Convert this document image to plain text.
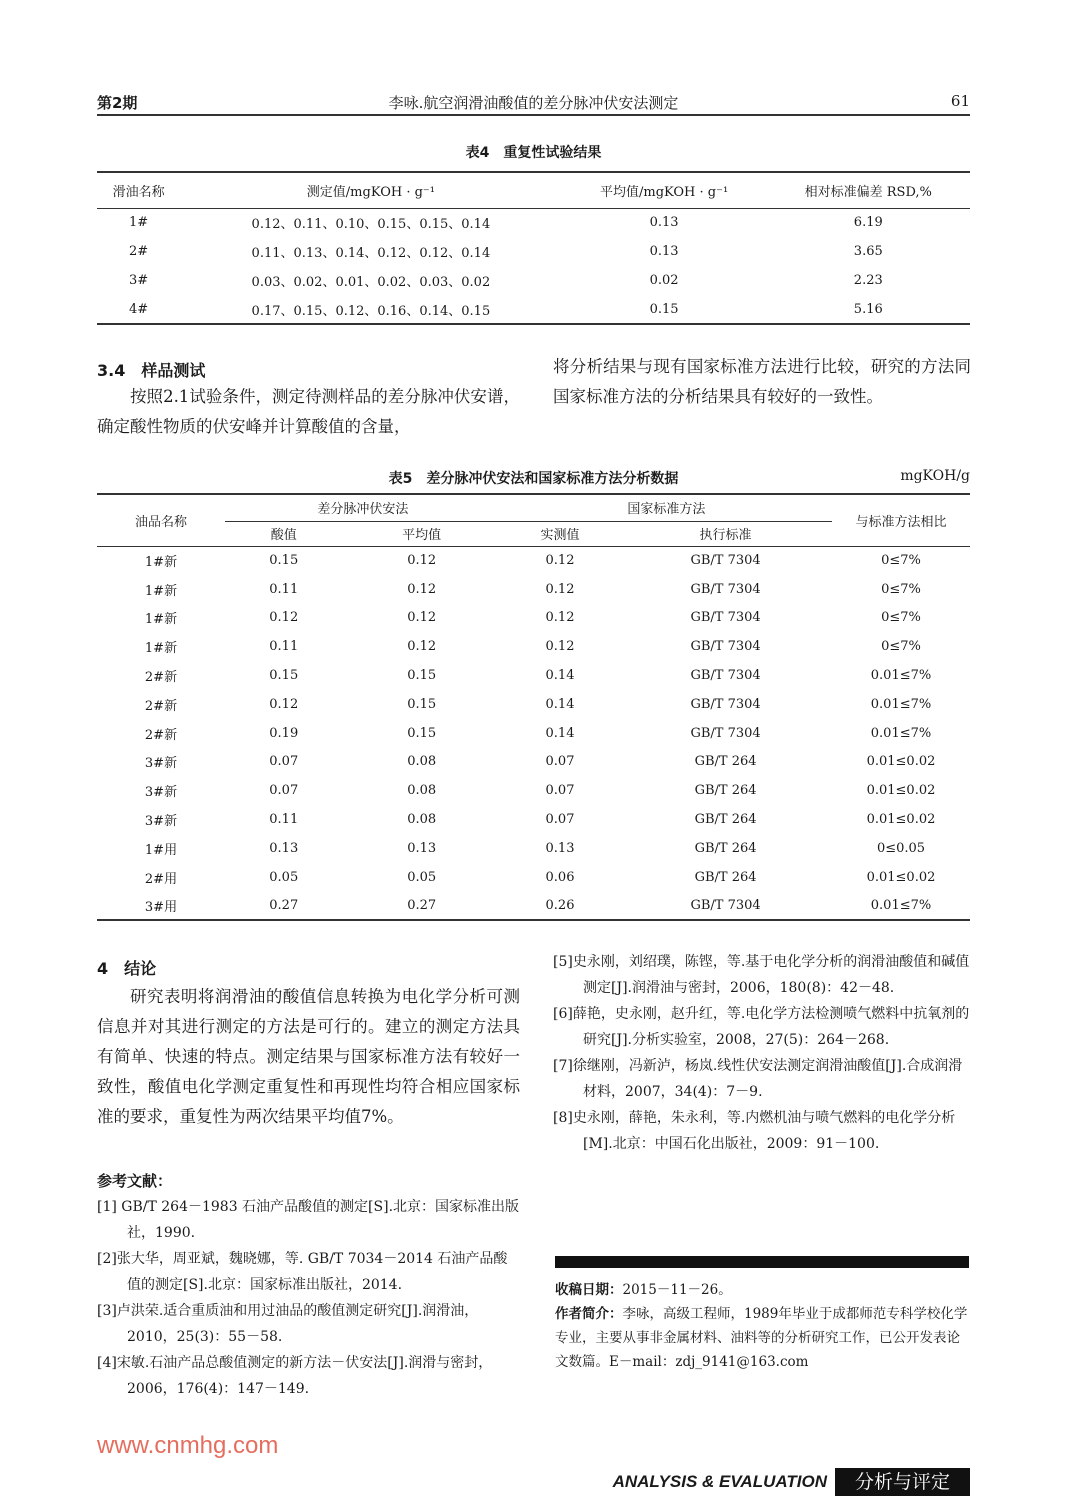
第2期	李咏.航空润滑油酸值的差分脉冲伏安法测定	61
表4　重复性试验结果
滑油名称	测定值/mgKOH · g⁻¹	平均值/mgKOH · g⁻¹	相对标准偏差 RSD,%
1#	0.12、0.11、0.10、0.15、0.15、0.14	0.13	6.19
2#	0.11、0.13、0.14、0.12、0.12、0.14	0.13	3.65
3#	0.03、0.02、0.01、0.02、0.03、0.02	0.02	2.23
4#	0.17、0.15、0.12、0.16、0.14、0.15	0.15	5.16
3.4　样品测试
按照2.1试验条件，测定待测样品的差分脉冲伏安谱，确定酸性物质的伏安峰并计算酸值的含量，
将分析结果与现有国家标准方法进行比较，研究的方法同国家标准方法的分析结果具有较好的一致性。
表5　差分脉冲伏安法和国家标准方法分析数据	mgKOH/g
油品名称	差分脉冲伏安法		国家标准方法		与标准方法相比
	酸值	平均值	实测值	执行标准	
1#新	0.15	0.12	0.12	GB/T 7304	0≤7%
1#新	0.11	0.12	0.12	GB/T 7304	0≤7%
1#新	0.12	0.12	0.12	GB/T 7304	0≤7%
1#新	0.11	0.12	0.12	GB/T 7304	0≤7%
2#新	0.15	0.15	0.14	GB/T 7304	0.01≤7%
2#新	0.12	0.15	0.14	GB/T 7304	0.01≤7%
2#新	0.19	0.15	0.14	GB/T 7304	0.01≤7%
3#新	0.07	0.08	0.07	GB/T 264	0.01≤0.02
3#新	0.07	0.08	0.07	GB/T 264	0.01≤0.02
3#新	0.11	0.08	0.07	GB/T 264	0.01≤0.02
1#用	0.13	0.13	0.13	GB/T 264	0≤0.05
2#用	0.05	0.05	0.06	GB/T 264	0.01≤0.02
3#用	0.27	0.27	0.26	GB/T 7304	0.01≤7%
4　结论
研究表明将润滑油的酸值信息转换为电化学分析可测信息并对其进行测定的方法是可行的。建立的测定方法具有简单、快速的特点。测定结果与国家标准方法有较好一致性，酸值电化学测定重复性和再现性均符合相应国家标准的要求，重复性为两次结果平均值7%。
参考文献：
[1] GB/T 264－1983 石油产品酸值的测定[S].北京：国家标准出版社，1990.
[2]张大华，周亚斌，魏晓娜，等. GB/T 7034－2014 石油产品酸值的测定[S].北京：国家标准出版社，2014.
[3]卢洪荣.适合重质油和用过油品的酸值测定研究[J].润滑油，2010，25(3)：55－58.
[4]宋敏.石油产品总酸值测定的新方法－伏安法[J].润滑与密封，2006，176(4)：147－149.
[5]史永刚，刘绍璞，陈铿，等.基于电化学分析的润滑油酸值和碱值测定[J].润滑油与密封，2006，180(8)：42－48.
[6]薛艳，史永刚，赵升红，等.电化学方法检测喷气燃料中抗氧剂的研究[J].分析实验室，2008，27(5)：264－268.
[7]徐继刚，冯新泸，杨岚.线性伏安法测定润滑油酸值[J].合成润滑材料，2007，34(4)：7－9.
[8]史永刚，薛艳，朱永利，等.内燃机油与喷气燃料的电化学分析[M].北京：中国石化出版社，2009：91－100.
收稿日期：2015－11－26。
作者简介：李咏，高级工程师，1989年毕业于成都师范专科学校化学专业，主要从事非金属材料、油料等的分析研究工作，已公开发表论文数篇。E－mail：zdj_9141@163.com
www.cnmhg.com
ANALYSIS & EVALUATION	分析与评定
